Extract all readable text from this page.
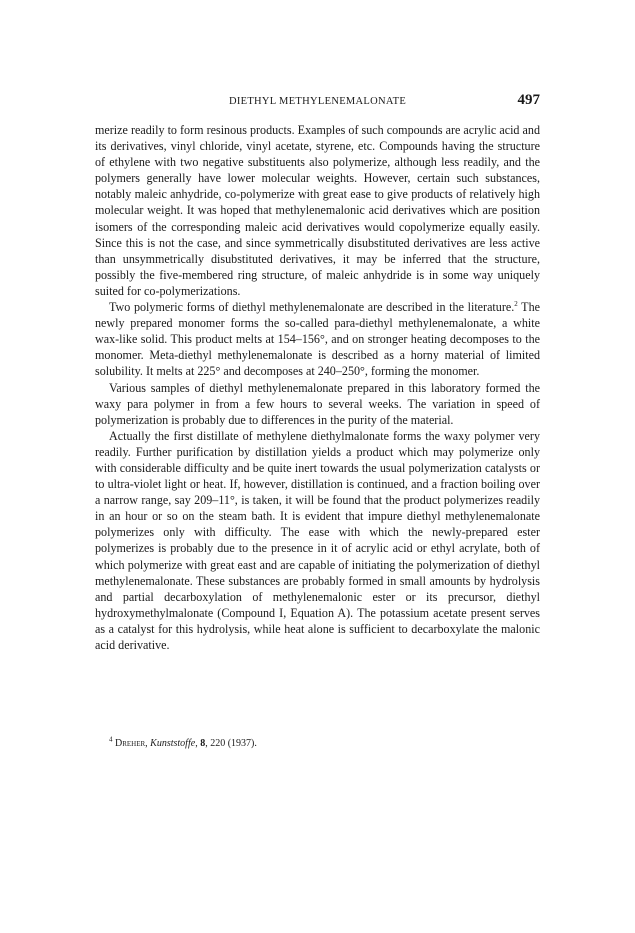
DIETHYL METHYLENEMALONATE	497

merize readily to form resinous products. Examples of such compounds are acrylic acid and its derivatives, vinyl chloride, vinyl acetate, styrene, etc. Compounds having the structure of ethylene with two negative substituents also polymerize, although less readily, and the polymers generally have lower molecular weights. However, certain such substances, notably maleic anhydride, co-polymerize with great ease to give products of relatively high molecular weight. It was hoped that methylenemalonic acid derivatives which are position isomers of the corresponding maleic acid derivatives would copolymerize equally easily. Since this is not the case, and since symmetrically disubstituted derivatives are less active than unsymmetrically disubstituted derivatives, it may be inferred that the structure, possibly the five-membered ring structure, of maleic anhydride is in some way uniquely suited for co-polymerizations.

Two polymeric forms of diethyl methylenemalonate are described in the literature.$^2$ The newly prepared monomer forms the so-called para-diethyl methylenemalonate, a white wax-like solid. This product melts at 154–156°, and on stronger heating decomposes to the monomer. Meta-diethyl methylenemalonate is described as a horny material of limited solubility. It melts at 225° and decomposes at 240–250°, forming the monomer.

Various samples of diethyl methylenemalonate prepared in this laboratory formed the waxy para polymer in from a few hours to several weeks. The variation in speed of polymerization is probably due to differences in the purity of the material.

Actually the first distillate of methylene diethylmalonate forms the waxy polymer very readily. Further purification by distillation yields a product which may polymerize only with considerable difficulty and be quite inert towards the usual polymerization catalysts or to ultra-violet light or heat. If, however, distillation is continued, and a fraction boiling over a narrow range, say 209–11°, is taken, it will be found that the product polymerizes readily in an hour or so on the steam bath. It is evident that impure diethyl methylenemalonate polymerizes only with difficulty. The ease with which the newly-prepared ester polymerizes is probably due to the presence in it of acrylic acid or ethyl acrylate, both of which polymerize with great east and are capable of initiating the polymerization of diethyl methylenemalonate. These substances are probably formed in small amounts by hydrolysis and partial decarboxylation of methylenemalonic ester or its precursor, diethyl hydroxymethylmalonate (Compound I, Equation A). The potassium acetate present serves as a catalyst for this hydrolysis, while heat alone is sufficient to decarboxylate the malonic acid derivative.

$^4$ Dreher, Kunststoffe, 8, 220 (1937).
